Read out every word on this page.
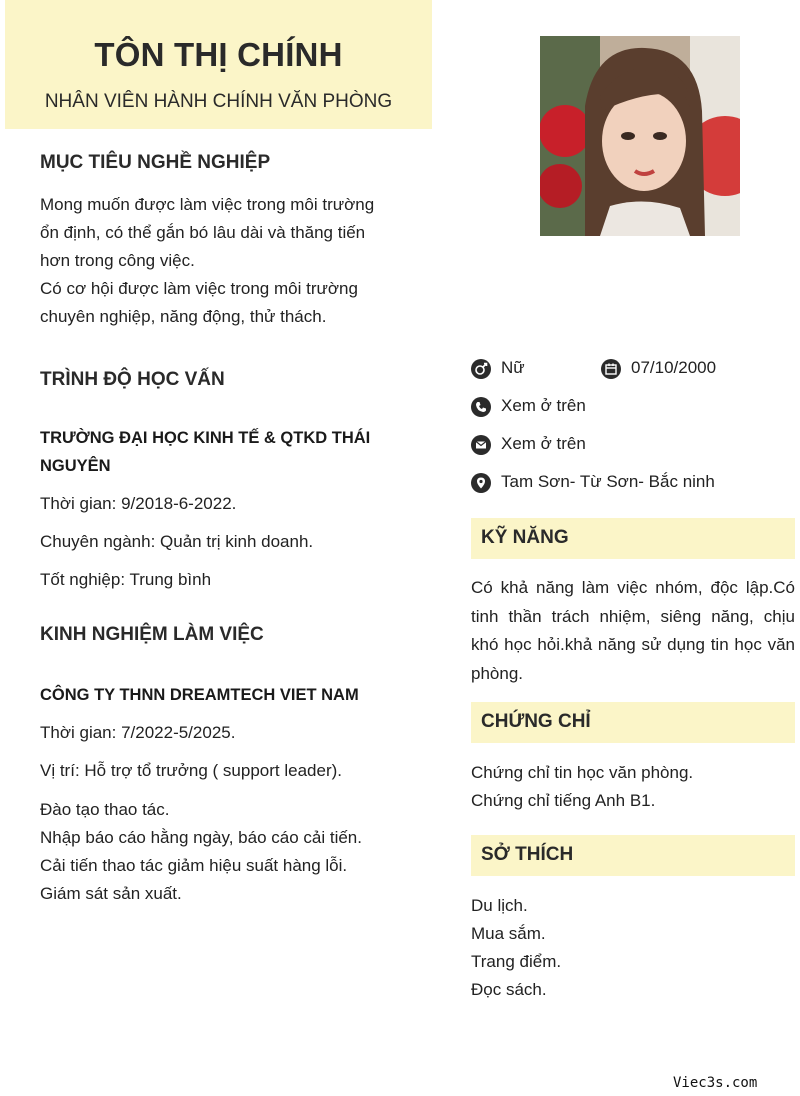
TÔN THỊ CHÍNH
NHÂN VIÊN HÀNH CHÍNH VĂN PHÒNG
MỤC TIÊU NGHỀ NGHIỆP
Mong muốn được làm việc trong môi trường
ổn định, có thể gắn bó lâu dài và thăng tiến
hơn trong công việc.
Có cơ hội được làm việc trong môi trường
chuyên nghiệp, năng động, thử thách.
TRÌNH ĐỘ HỌC VẤN
TRƯỜNG ĐẠI HỌC KINH TẾ & QTKD THÁI
NGUYÊN
Thời gian: 9/2018-6-2022.
Chuyên ngành: Quản trị kinh doanh.
Tốt nghiệp: Trung bình
KINH NGHIỆM LÀM VIỆC
CÔNG TY THNN DREAMTECH VIET NAM
Thời gian: 7/2022-5/2025.
Vị trí: Hỗ trợ tổ trưởng ( support leader).
Đào tạo thao tác.
Nhập báo cáo hằng ngày, báo cáo cải tiến.
Cải tiến thao tác giảm hiệu suất hàng lỗi.
Giám sát sản xuất.
Nữ	07/10/2000
Xem ở trên
Xem ở trên
Tam Sơn- Từ Sơn- Bắc ninh
KỸ NĂNG
Có khả năng làm việc nhóm, độc lập.Có tinh thần trách nhiệm, siêng năng, chịu khó học hỏi.khả năng sử dụng tin học văn phòng.
CHỨNG CHỈ
Chứng chỉ tin học văn phòng.
Chứng chỉ tiếng Anh B1.
SỞ THÍCH
Du lịch.
Mua sắm.
Trang điểm.
Đọc sách.
Viec3s.com
